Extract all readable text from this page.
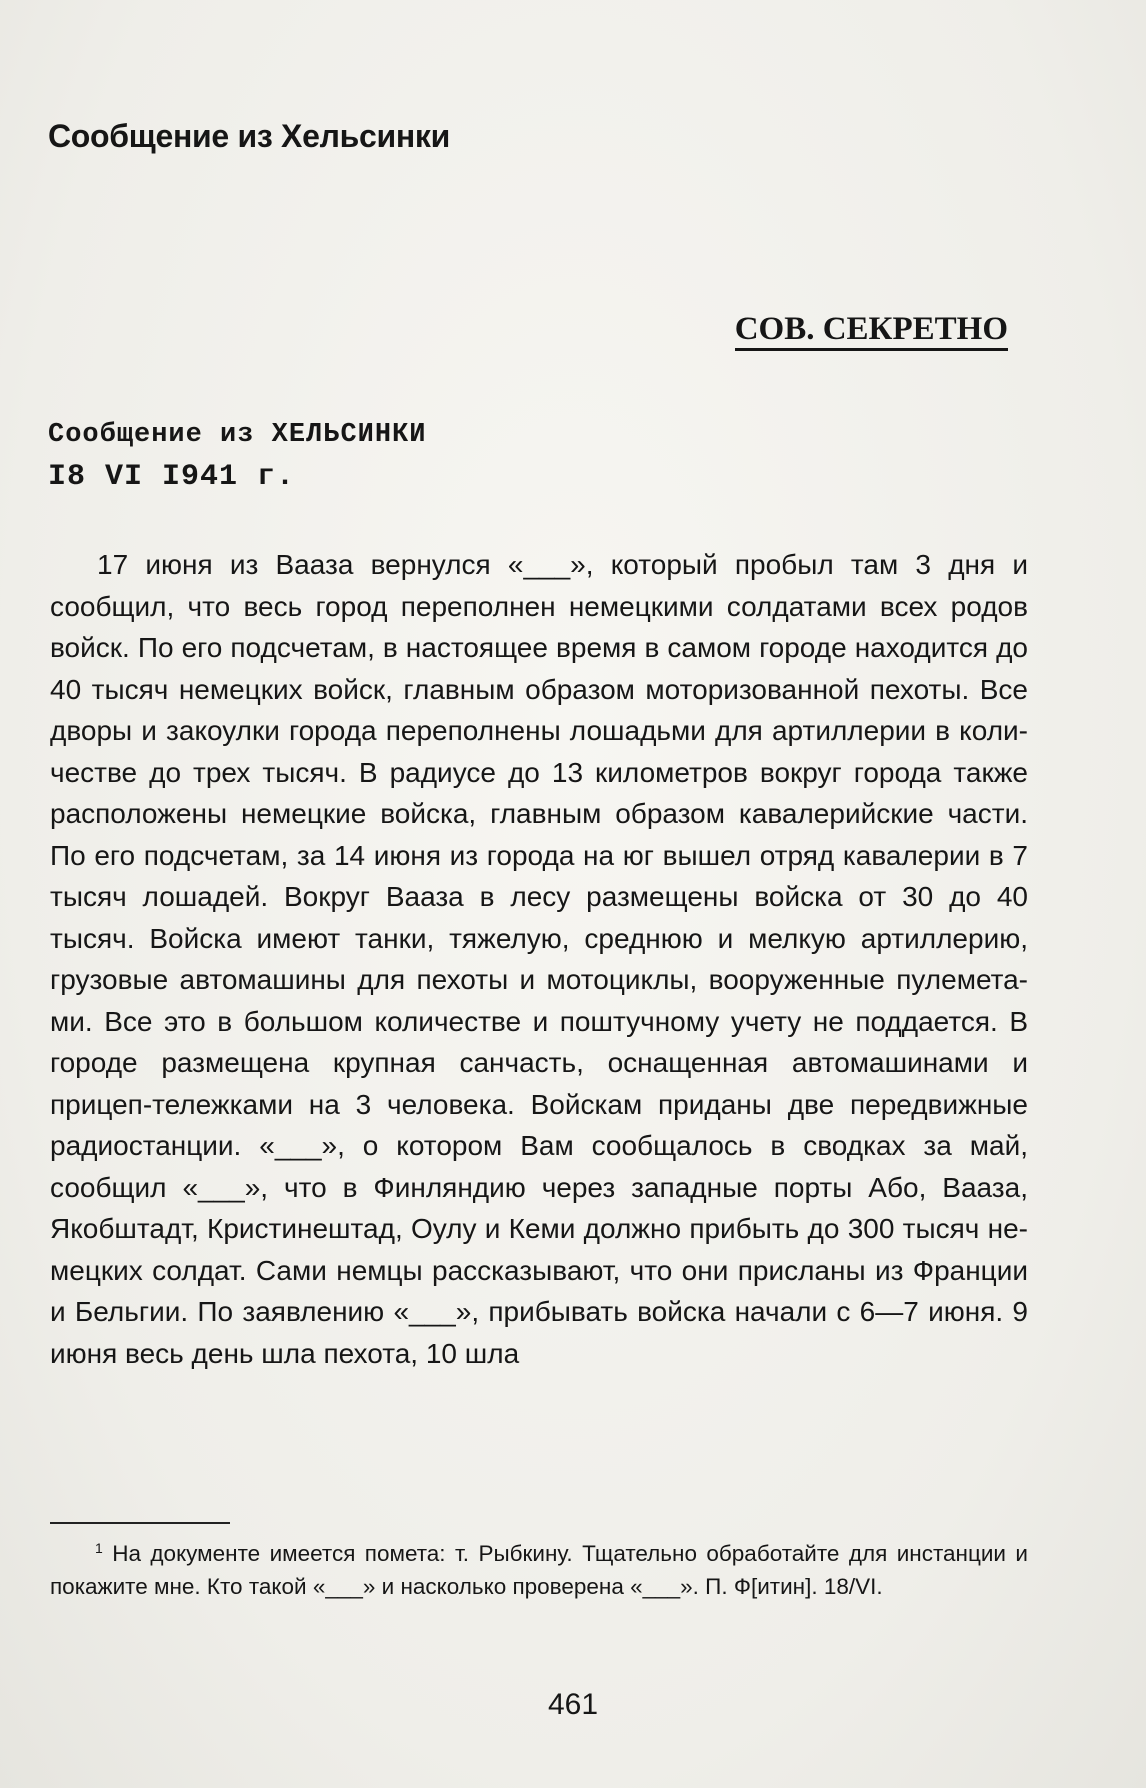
Сообщение из Хельсинки
СОВ. СЕКРЕТНО
Сообщение из ХЕЛЬСИНКИ
I8 VI I941 г.

17 июня из Вааза вернулся «___», который пробыл там 3 дня и сообщил, что весь город переполнен немецкими солдатами всех родов войск. По его подсчетам, в настоящее время в самом городе находится до 40 тысяч немецких войск, главным образом моторизованной пехоты. Все дворы и закоулки города переполнены лошадьми для артиллерии в количестве до трех тысяч. В радиусе до 13 километров вокруг города также расположены немецкие войска, главным образом кавалерийские части. По его подсчетам, за 14 июня из города на юг вышел отряд кавалерии в 7 тысяч лошадей. Вокруг Вааза в лесу размещены войска от 30 до 40 тысяч. Войска имеют танки, тяжелую, среднюю и мелкую артиллерию, грузовые автомашины для пехоты и мотоциклы, вооруженные пулеметами. Все это в большом количестве и поштучному учету не поддается. В городе размещена крупная санчасть, оснащенная автомашинами и прицеп-тележками на 3 человека. Войскам приданы две передвижные радиостанции. «___», о котором Вам сообщалось в сводках за май, сообщил «___», что в Финляндию через западные порты Або, Вааза, Якобштадт, Кристинештад, Оулу и Кеми должно прибыть до 300 тысяч немецких солдат. Сами немцы рассказывают, что они присланы из Франции и Бельгии. По заявлению «___», прибывать войска начали с 6—7 июня. 9 июня весь день шла пехота, 10 шла

$^1$ На документе имеется помета: т. Рыбкину. Тщательно обработайте для инстанции и покажите мне. Кто такой «___» и насколько проверена «___». П. Ф[итин]. 18/VI.

461
